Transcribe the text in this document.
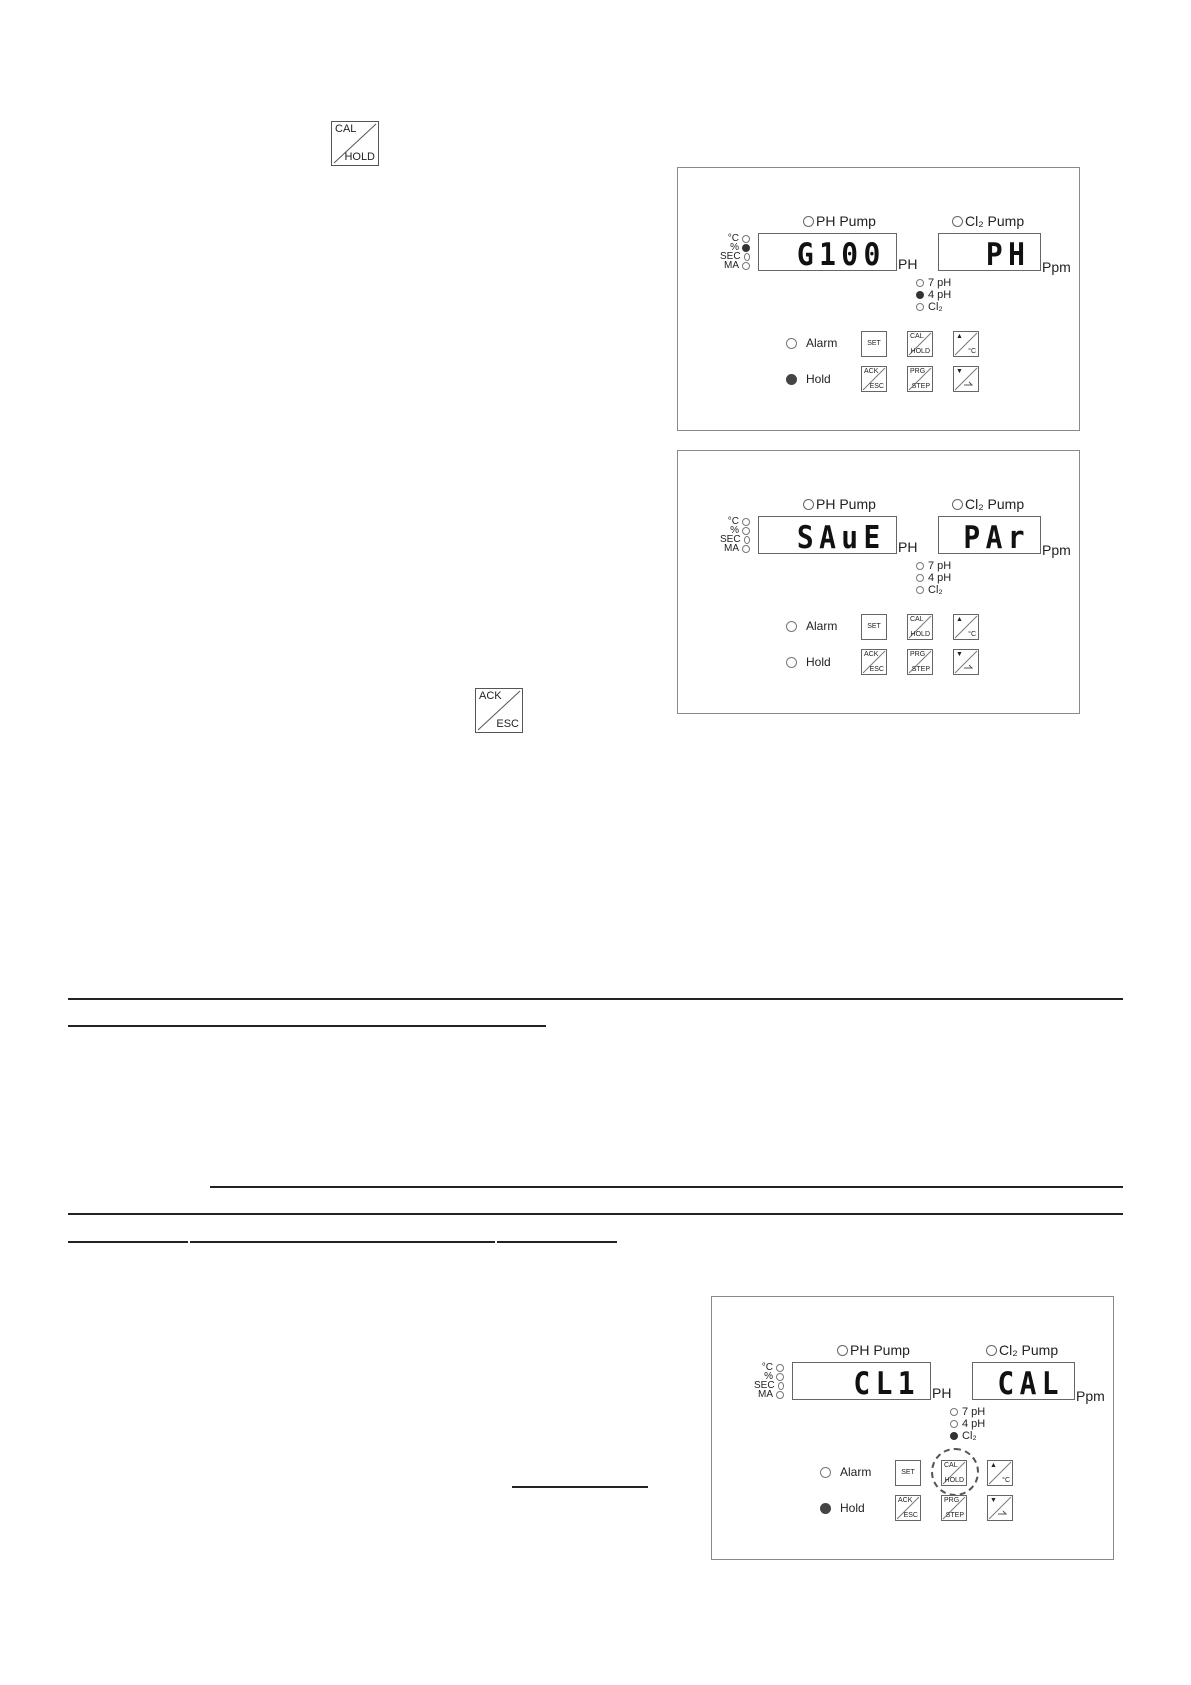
CAL
HOLD
ACK
ESC
PH Pump	Cl₂ Pump
°C
%
SEC
MA G100 PH PH Ppm
7 pH
4 pH
Cl₂
Alarm
Hold
SET
CAL
HOLD
▲
°C
ACK
ESC
PRG
STEP
▼
PH Pump	Cl₂ Pump
°C
%
SEC
MA SAuE PH PAr Ppm
7 pH
4 pH
Cl₂
Alarm
Hold
SET
CAL
HOLD
▲
°C
ACK
ESC
PRG
STEP
▼
PH Pump	Cl₂ Pump
°C
%
SEC
MA	CL1 PH CAL Ppm
7 pH
4 pH
Cl₂
Alarm
Hold
SET
CAL
HOLD
▲
°C
ACK
ESC
PRG
STEP
▼
